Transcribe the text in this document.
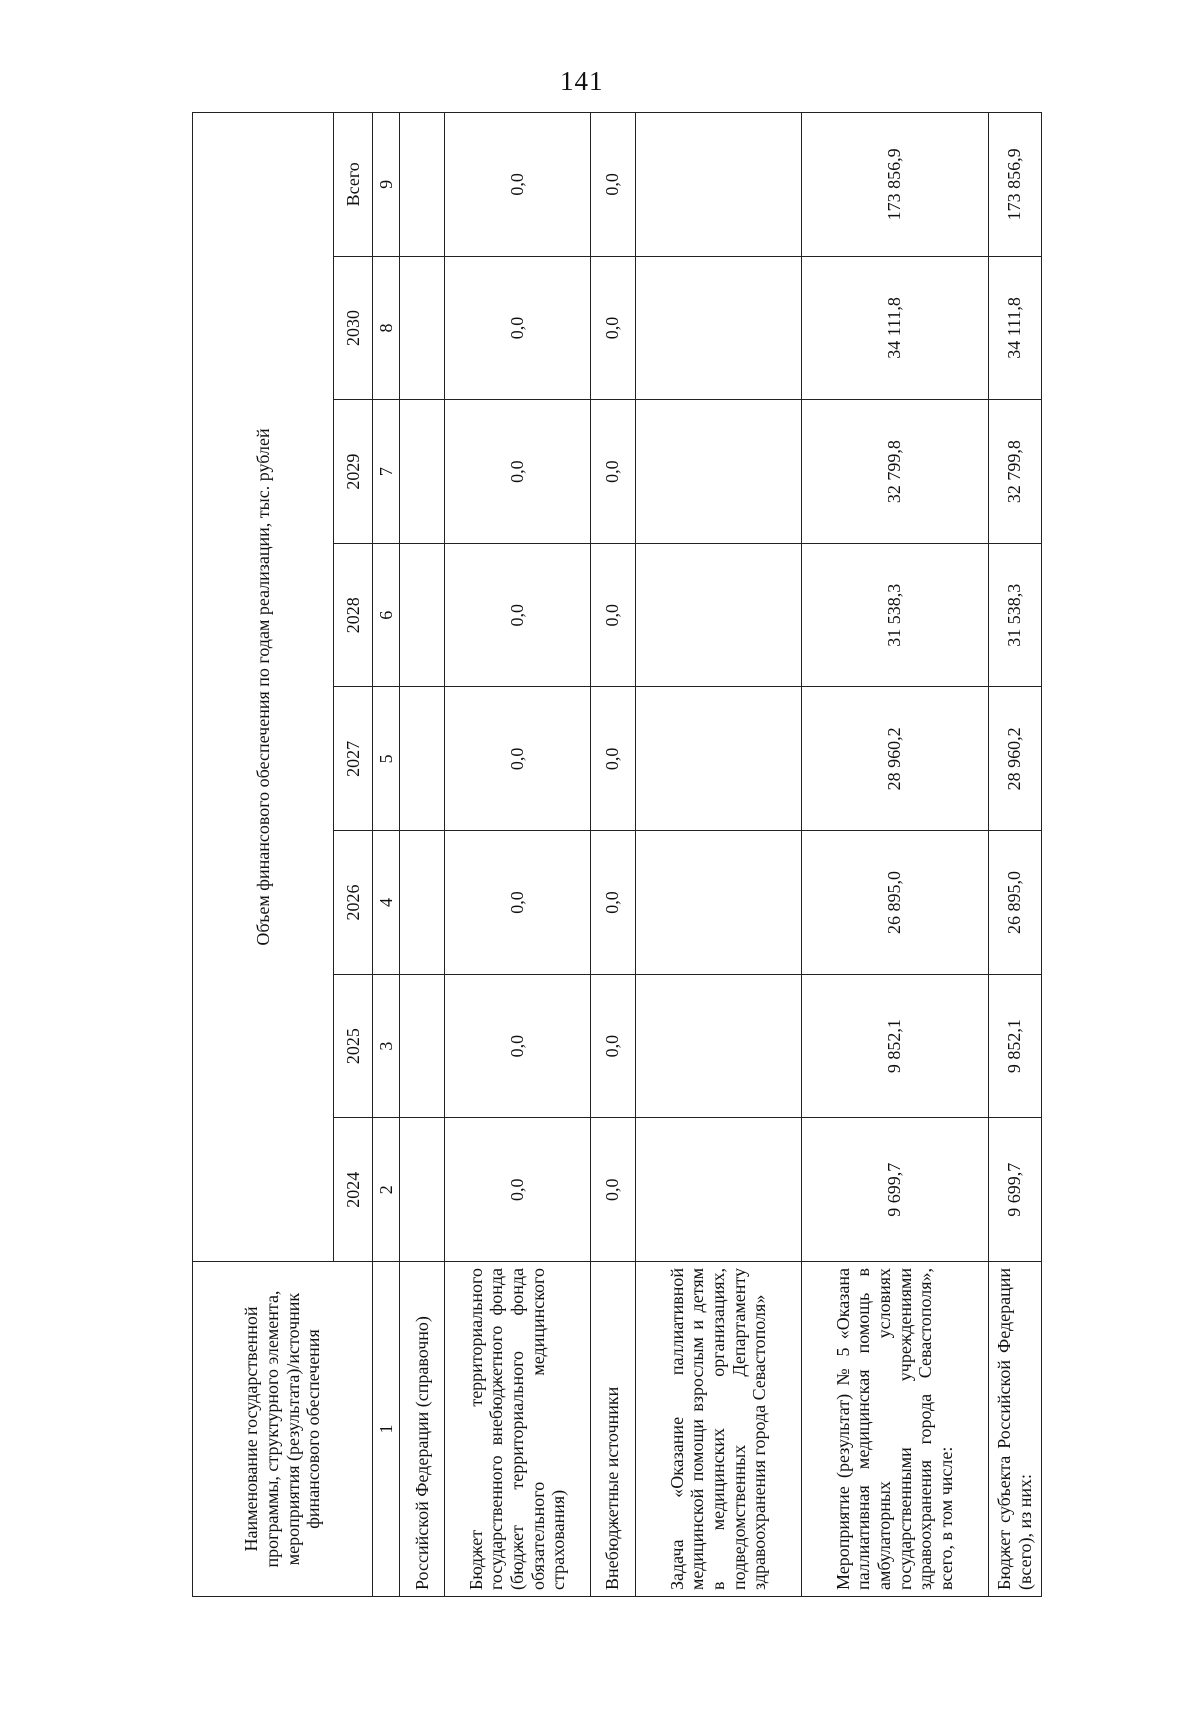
141
Наименование государственной программы, структурного элемента, мероприятия (результата)/источник финансового обеспечения	Объем финансового обеспечения по годам реализации, тыс. рублей							
	2024	2025	2026	2027	2028	2029	2030	Всего
1	2	3	4	5	6	7	8	9
Российской Федерации (справочно)								
Бюджет территориального государственного внебюджетного фонда (бюджет территориального фонда обязательного медицинского страхования)	0,0	0,0	0,0	0,0	0,0	0,0	0,0	0,0
Внебюджетные источники	0,0	0,0	0,0	0,0	0,0	0,0	0,0	0,0
Задача «Оказание паллиативной медицинской помощи взрослым и детям в медицинских организациях, подведомственных Департаменту здравоохранения города Севастополя»								
Мероприятие (результат) № 5 «Оказана паллиативная медицинская помощь в амбулаторных условиях государственными учреждениями здравоохранения города Севастополя», всего, в том числе:	9 699,7	9 852,1	26 895,0	28 960,2	31 538,3	32 799,8	34 111,8	173 856,9
Бюджет субъекта Российской Федерации (всего), из них:	9 699,7	9 852,1	26 895,0	28 960,2	31 538,3	32 799,8	34 111,8	173 856,9
